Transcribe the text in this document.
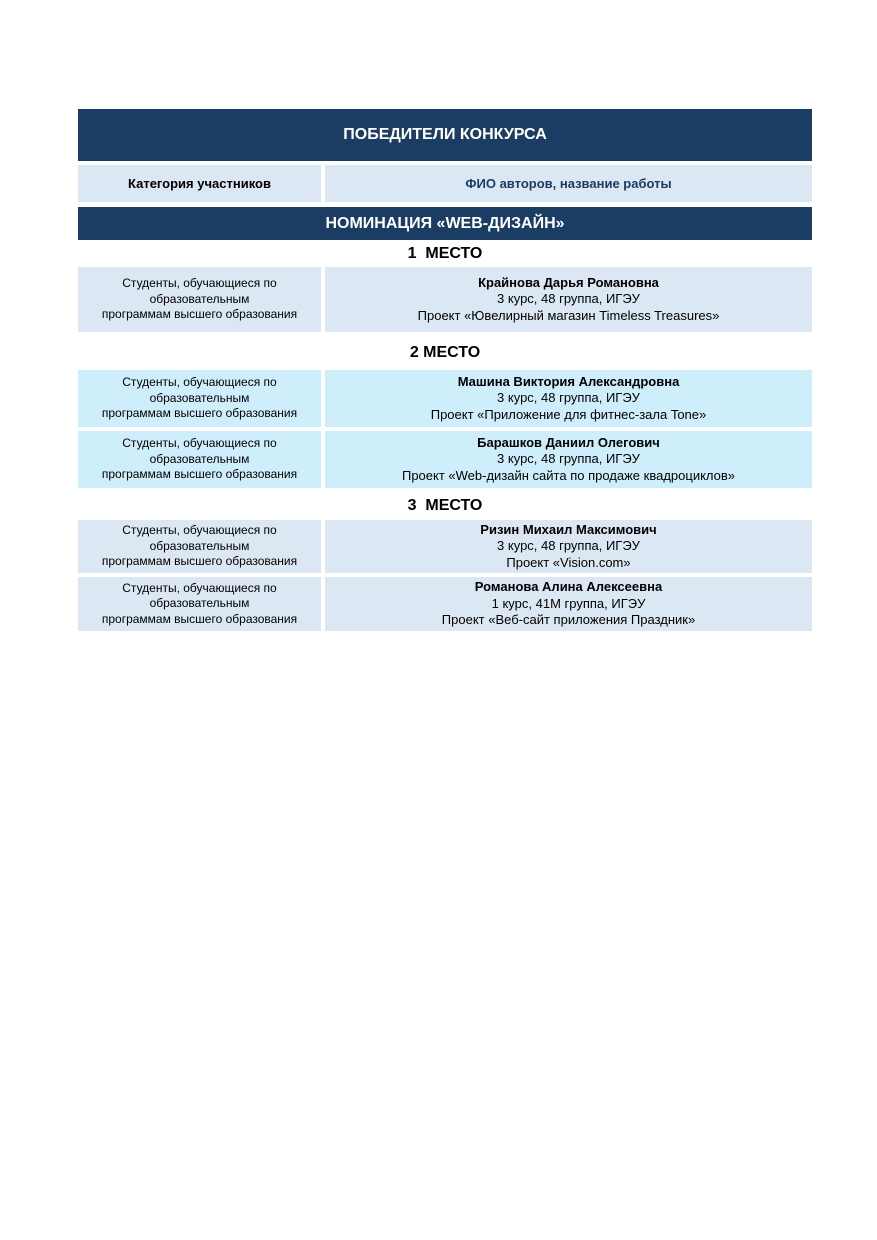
ПОБЕДИТЕЛИ КОНКУРСА
Категория участников	ФИО авторов, название работы
НОМИНАЦИЯ «WEB-ДИЗАЙН»
1  МЕСТО
Студенты, обучающиеся по
образовательным
программам высшего образования
Крайнова Дарья Романовна
3 курс, 48 группа, ИГЭУ
Проект «Ювелирный магазин Timeless Treasures»
2 МЕСТО
Студенты, обучающиеся по
образовательным
программам высшего образования
Машина Виктория Александровна
3 курс, 48 группа, ИГЭУ
Проект «Приложение для фитнес-зала Tone»
Студенты, обучающиеся по
образовательным
программам высшего образования
Барашков Даниил Олегович
3 курс, 48 группа, ИГЭУ
Проект «Web-дизайн сайта по продаже квадроциклов»
3  МЕСТО
Студенты, обучающиеся по
образовательным
программам высшего образования
Ризин Михаил Максимович
3 курс, 48 группа, ИГЭУ
Проект «Vision.com»
Студенты, обучающиеся по
образовательным
программам высшего образования
Романова Алина Алексеевна
1 курс, 41М группа, ИГЭУ
Проект «Веб-сайт приложения Праздник»
